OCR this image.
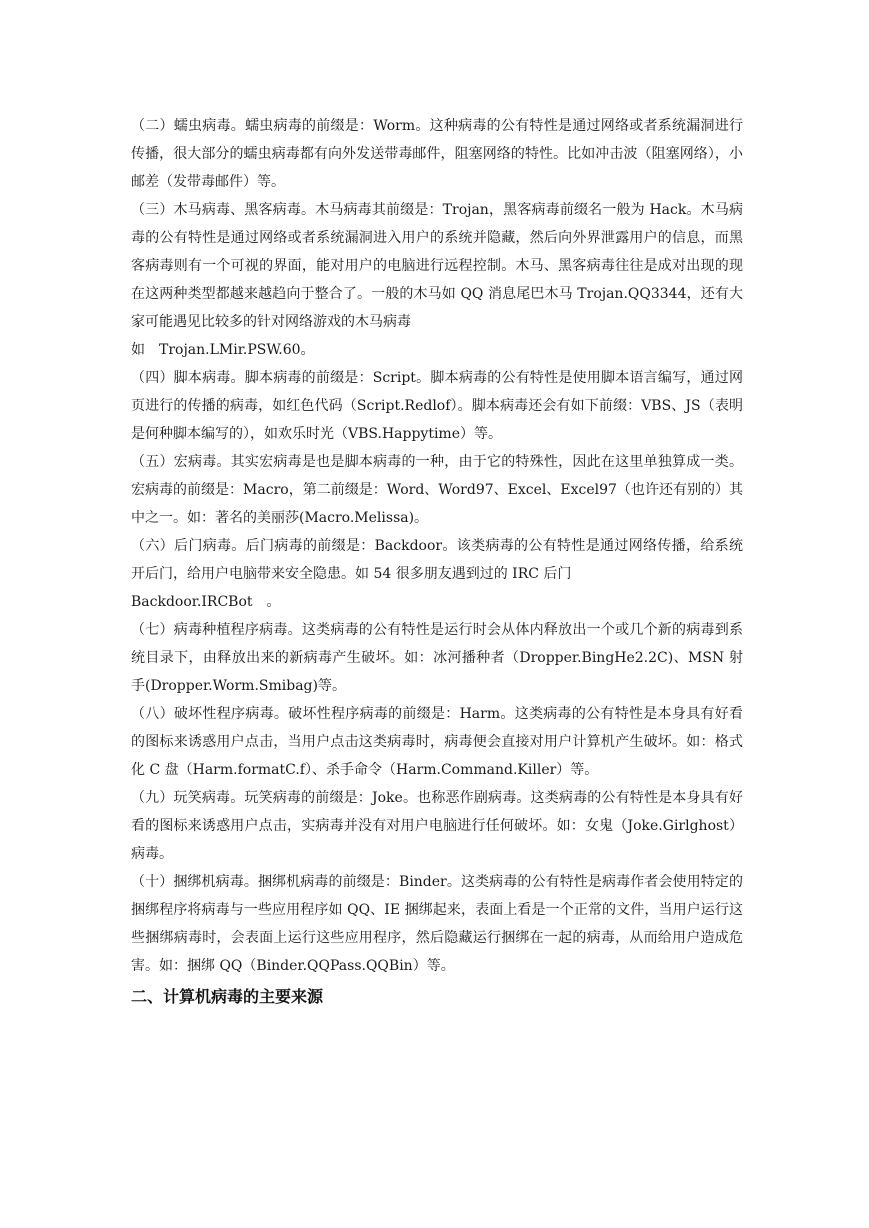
（二）蠕虫病毒。蠕虫病毒的前缀是：Worm。这种病毒的公有特性是通过网络或者系统漏洞进行传播，很大部分的蠕虫病毒都有向外发送带毒邮件，阻塞网络的特性。比如冲击波（阻塞网络），小邮差（发带毒邮件）等。

（三）木马病毒、黑客病毒。木马病毒其前缀是：Trojan，黑客病毒前缀名一般为 Hack。木马病毒的公有特性是通过网络或者系统漏洞进入用户的系统并隐藏，然后向外界泄露用户的信息，而黑客病毒则有一个可视的界面，能对用户的电脑进行远程控制。木马、黑客病毒往往是成对出现的现在这两种类型都越来越趋向于整合了。一般的木马如 QQ 消息尾巴木马 Trojan.QQ3344，还有大家可能遇见比较多的针对网络游戏的木马病毒

如　Trojan.LMir.PSW.60。

（四）脚本病毒。脚本病毒的前缀是：Script。脚本病毒的公有特性是使用脚本语言编写，通过网页进行的传播的病毒，如红色代码（Script.Redlof）。脚本病毒还会有如下前缀：VBS、JS（表明是何种脚本编写的），如欢乐时光（VBS.Happytime）等。

（五）宏病毒。其实宏病毒是也是脚本病毒的一种，由于它的特殊性，因此在这里单独算成一类。宏病毒的前缀是：Macro，第二前缀是：Word、Word97、Excel、Excel97（也许还有别的）其中之一。如：著名的美丽莎(Macro.Melissa)。

（六）后门病毒。后门病毒的前缀是：Backdoor。该类病毒的公有特性是通过网络传播，给系统开后门，给用户电脑带来安全隐患。如 54 很多朋友遇到过的 IRC 后门

Backdoor.IRCBot　。

（七）病毒种植程序病毒。这类病毒的公有特性是运行时会从体内释放出一个或几个新的病毒到系统目录下，由释放出来的新病毒产生破坏。如：冰河播种者（Dropper.BingHe2.2C)、MSN 射手(Dropper.Worm.Smibag)等。

（八）破坏性程序病毒。破坏性程序病毒的前缀是：Harm。这类病毒的公有特性是本身具有好看的图标来诱惑用户点击，当用户点击这类病毒时，病毒便会直接对用户计算机产生破坏。如：格式化 C 盘（Harm.formatC.f）、杀手命令（Harm.Command.Killer）等。

（九）玩笑病毒。玩笑病毒的前缀是：Joke。也称恶作剧病毒。这类病毒的公有特性是本身具有好看的图标来诱惑用户点击，实病毒并没有对用户电脑进行任何破坏。如：女鬼（Joke.Girlghost）病毒。

（十）捆绑机病毒。捆绑机病毒的前缀是：Binder。这类病毒的公有特性是病毒作者会使用特定的捆绑程序将病毒与一些应用程序如 QQ、IE 捆绑起来，表面上看是一个正常的文件，当用户运行这些捆绑病毒时，会表面上运行这些应用程序，然后隐藏运行捆绑在一起的病毒，从而给用户造成危害。如：捆绑 QQ（Binder.QQPass.QQBin）等。

二、计算机病毒的主要来源
